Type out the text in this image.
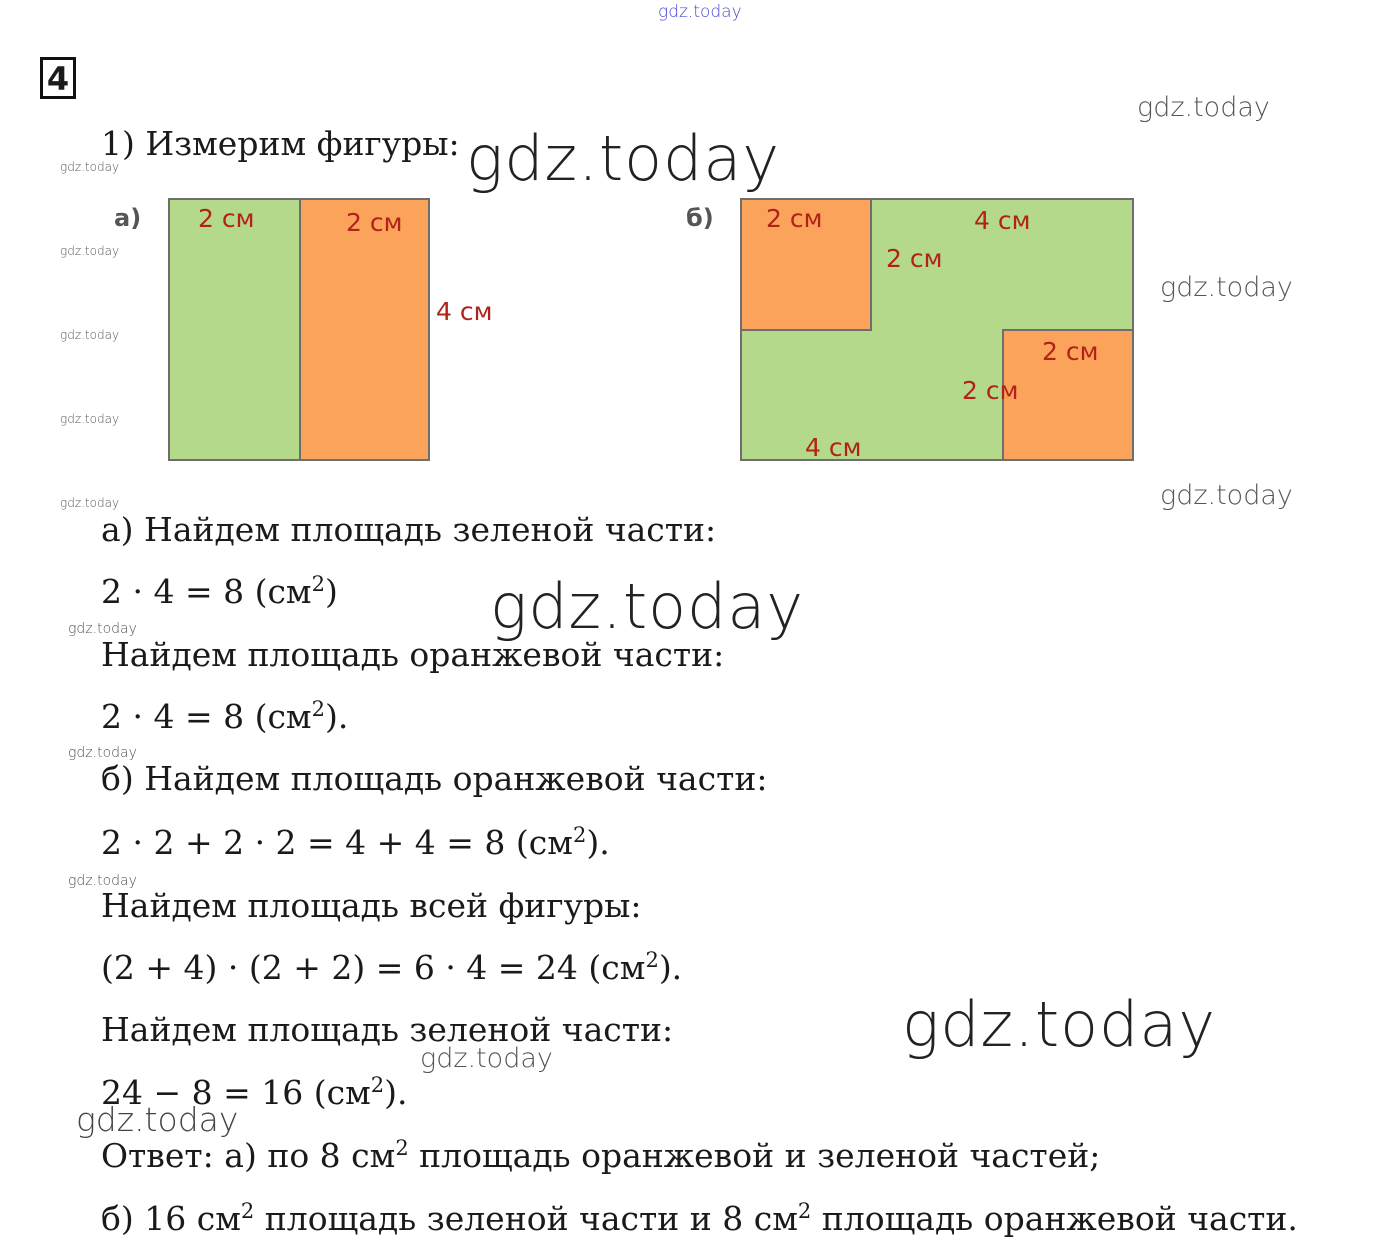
gdz.today
4
gdz.today
gdz.today
gdz.today
gdz.today
gdz.today
gdz.today
gdz.today
gdz.today
gdz.today
gdz.today
gdz.today
1) Измерим фигуры: gdz.today
а) 2 см	2 см
4 см
б) 2 см	4 см
2 см
2 см
2 см
4 см
а) Найдем площадь зеленой части:
2 · 4 = 8 $(см^2)$ gdz.today
Найдем площадь оранжевой части:
2 · 4 = 8 $(см^2)$.
б) Найдем площадь оранжевой части:
2 · 2 + 2 · 2 = 4 + 4 = 8 $(см^2)$.
Найдем площадь всей фигуры:
(2 + 4) · (2 + 2) = 6 · 4 = 24 $(см^2)$.
Найдем площадь зеленой части:	gdz.today
gdz.today
24 − 8 = 16 $(см^2)$.
gdz.today
Ответ: а) по 8 $см^2$ площадь оранжевой и зеленой частей;
б) 16 $см^2$ площадь зеленой части и 8 $см^2$ площадь оранжевой части.
